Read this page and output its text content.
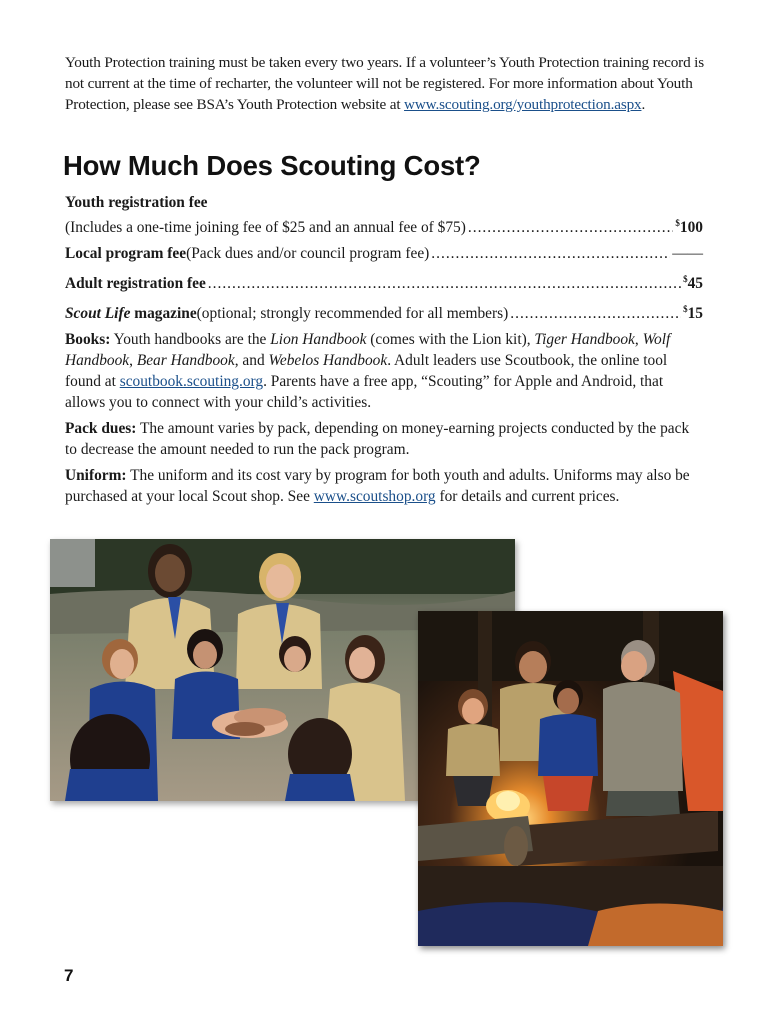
Youth Protection training must be taken every two years. If a volunteer’s Youth Protection training record is not current at the time of recharter, the volunteer will not be registered. For more information about Youth Protection, please see BSA’s Youth Protection website at www.scouting.org/youthprotection.aspx.
How Much Does Scouting Cost?
Youth registration fee
(Includes a one-time joining fee of $25 and an annual fee of $75) .....	$100
Local program fee (Pack dues and/or council program fee) .....	——
Adult registration fee .....	$45
Scout Life magazine (optional; strongly recommended for all members) .....	$15
Books: Youth handbooks are the Lion Handbook (comes with the Lion kit), Tiger Handbook, Wolf Handbook, Bear Handbook, and Webelos Handbook. Adult leaders use Scoutbook, the online tool found at scoutbook.scouting.org. Parents have a free app, “Scouting” for Apple and Android, that allows you to connect with your child’s activities.
Pack dues: The amount varies by pack, depending on money-earning projects conducted by the pack to decrease the amount needed to run the pack program.
Uniform: The uniform and its cost vary by program for both youth and adults. Uniforms may also be purchased at your local Scout shop. See www.scoutshop.org for details and current prices.
7
